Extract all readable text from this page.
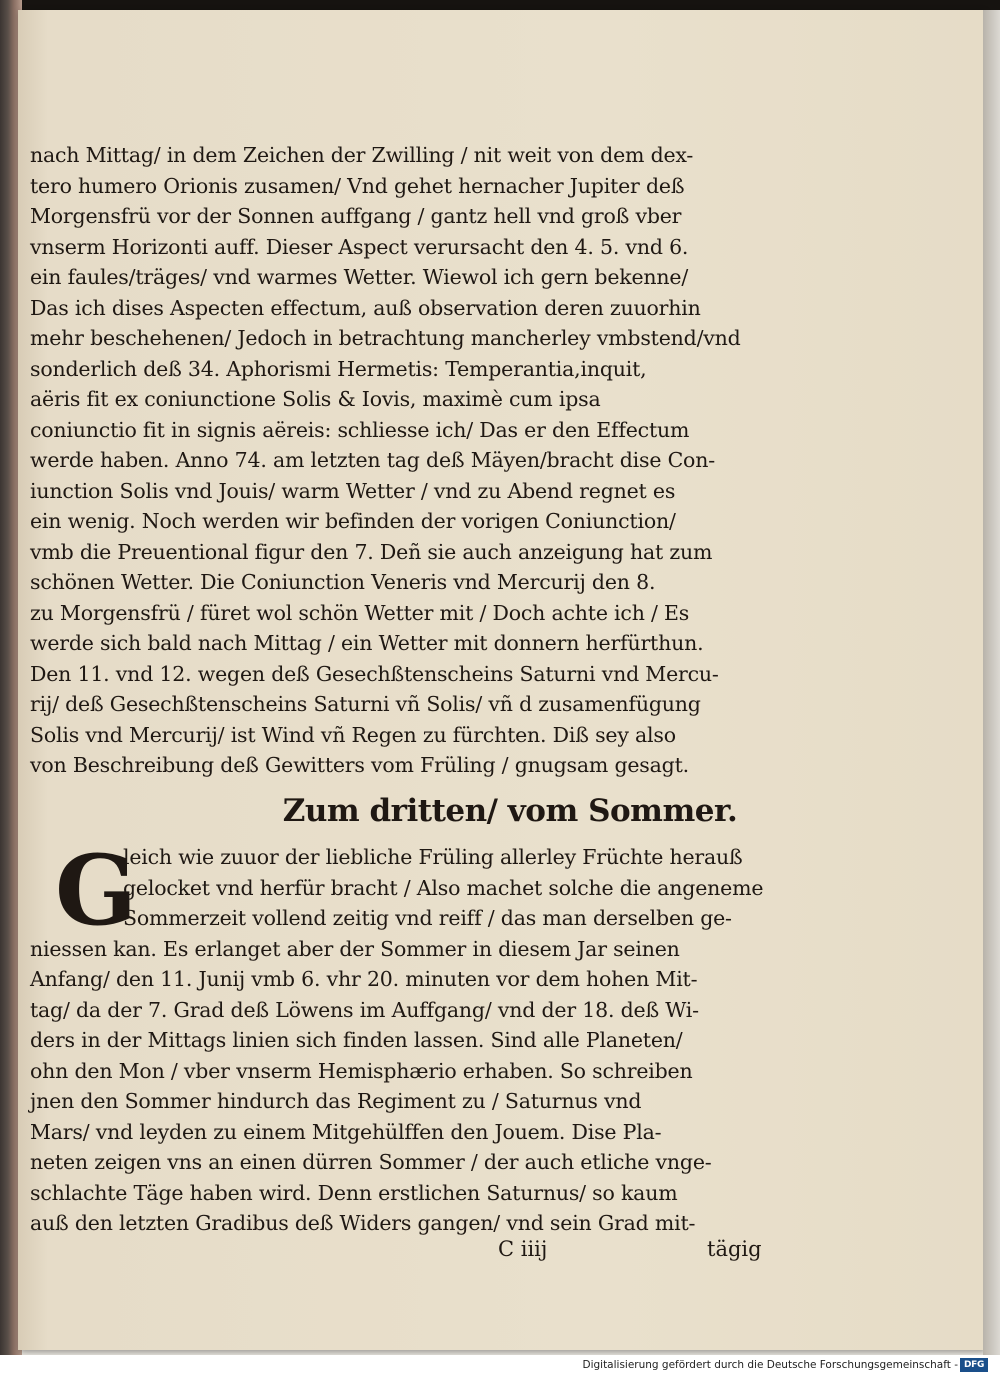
nach Mittag/ in dem Zeichen der Zwilling / nit weit von dem dex-
tero humero Orionis zusamen/ Vnd gehet hernacher Jupiter deß
Morgensfrü vor der Sonnen auffgang / gantz hell vnd groß vber
vnserm Horizonti auff. Dieser Aspect verursacht den 4. 5. vnd 6.
ein faules/träges/ vnd warmes Wetter. Wiewol ich gern bekenne/
Das ich dises Aspecten effectum, auß observation deren zuuorhin
mehr beschehenen/ Jedoch in betrachtung mancherley vmbstend/vnd
sonderlich deß 34. Aphorismi Hermetis: Temperantia,inquit,
aëris fit ex coniunctione Solis & Iovis, maximè cum ipsa
coniunctio fit in signis aëreis: schliesse ich/ Das er den Effectum
werde haben. Anno 74. am letzten tag deß Mäyen/bracht dise Con-
iunction Solis vnd Jouis/ warm Wetter / vnd zu Abend regnet es
ein wenig. Noch werden wir befinden der vorigen Coniunction/
vmb die Preuentional figur den 7. Deñ sie auch anzeigung hat zum
schönen Wetter. Die Coniunction Veneris vnd Mercurij den 8.
zu Morgensfrü / füret wol schön Wetter mit / Doch achte ich / Es
werde sich bald nach Mittag / ein Wetter mit donnern herfürthun.
Den 11. vnd 12. wegen deß Gesechßtenscheins Saturni vnd Mercu-
rij/ deß Gesechßtenscheins Saturni vñ Solis/ vñ d zusamenfügung
Solis vnd Mercurij/ ist Wind vñ Regen zu fürchten. Diß sey also
von Beschreibung deß Gewitters vom Früling / gnugsam gesagt.
Zum dritten/ vom Sommer.
G
leich wie zuuor der liebliche Früling allerley Früchte herauß
gelocket vnd herfür bracht / Also machet solche die angeneme
Sommerzeit vollend zeitig vnd reiff / das man derselben ge-
niessen kan. Es erlanget aber der Sommer in diesem Jar seinen
Anfang/ den 11. Junij vmb 6. vhr 20. minuten vor dem hohen Mit-
tag/ da der 7. Grad deß Löwens im Auffgang/ vnd der 18. deß Wi-
ders in der Mittags linien sich finden lassen. Sind alle Planeten/
ohn den Mon / vber vnserm Hemisphærio erhaben. So schreiben
jnen den Sommer hindurch das Regiment zu / Saturnus vnd
Mars/ vnd leyden zu einem Mitgehülffen den Jouem. Dise Pla-
neten zeigen vns an einen dürren Sommer / der auch etliche vnge-
schlachte Täge haben wird. Denn erstlichen Saturnus/ so kaum
auß den letzten Gradibus deß Widers gangen/ vnd sein Grad mit-
C iiij	tägig
Digitalisierung gefördert durch die Deutsche Forschungsgemeinschaft - DFG
